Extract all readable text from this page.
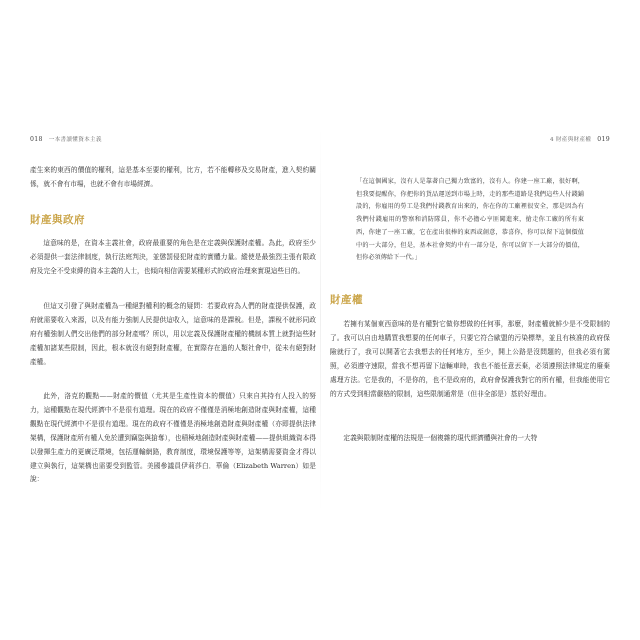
018 一本書讀懂資本主義

產生來的東西的價值的權利，這是基本至要的權利，比方，若不能轉移及交易財產，進入契約關係，就不會有市場，也就不會有市場經濟。

財產與政府

這意味的是，在資本主義社會，政府最重要的角色是在定義與保護財產權。為此，政府至少必須提供一套法律制度，執行法庭判決，並懲罰侵犯財產的實體力量。縱使是最強烈主張有限政府及完全不受束縛的資本主義的人士，也傾向相信需要某種形式的政府治理來實現這些目的。

但這又引發了與財產權為一種絕對權利的概念的疑問：若要政府為人們的財產提供保護，政府就需要收入來源，以及有能力強制人民提供這收入，這意味的是課稅。但是，課稅不就形同政府有權強制人們交出他們的部分財產嗎？所以，用以定義及保護財產權的機制本質上就對這些財產權加諸某些限制，因此，根本就沒有絕對財產權，在實際存在過的人類社會中，從未有絕對財產權。

此外，洛克的觀點——財產的價值（尤其是生產性資本的價值）只來自其持有人投入的努力，這種觀點在現代經濟中不是很有道理。現在的政府不僅僅是消極地創造財產與財產權，這種觀點在現代經濟中不是很有道理。現在的政府不僅僅是消極地創造財產與財產權（亦即提供法律架構，保護財產所有權人免於遭到竊盜與搶奪），也積極地創造財產與財產權——提供組織資本得以發揮生產力的更廣泛環境，包括運輸網路，教育制度，環境保護等等，這架構需要資金才得以建立與執行，這架構也需要受到監管。美國參議員伊莉莎白．華倫（Elizabeth Warren）如是說：

4 財產與財產權 019
「在這個國家，沒有人是靠著自己獨力致富的，沒有人。你建一座工廠，很好啊，但我要提醒你，你把你的貨品運送到市場上時，走的那些道路是我們這些人付錢鋪設的，你雇用的勞工是我們付錢教育出來的，你在你的工廠裡很安全，那是因為有我們付錢雇用的警察和消防隊員，你不必擔心亨匪闖進來，搶走你工廠的所有東西，你建了一座工廠，它在產出很棒的東西或創意，恭喜你，你可以留下這個價值中的一大部分，但是，基本社會契約中有一部分是，你可以留下一大部分的價值，但你必須傳給下一代。」
財產權

若擁有某個東西意味的是有權對它做你想做的任何事，那麼，財產權就鮮少是不受限制的了。我可以自由地購買我想要的任何車子，只要它符合歐盟的污染標準，並且有核准的政府保險就行了，我可以開著它去我想去的任何地方，至少，開上公路是沒問題的，但我必須有駕照，必須遵守速限，當我不想再留下這輛車時，我也不能任意丟棄，必須遵照法律規定的廢棄處理方法。它是我的，不是你的，也不是政府的，政府會保護我對它的所有權，但我能使用它的方式受到相當嚴格的限制，這些限制通常是（但非全部是）基於好理由。

定義與限制財產權的法規是一個複雜的現代經濟體與社會的一大特
